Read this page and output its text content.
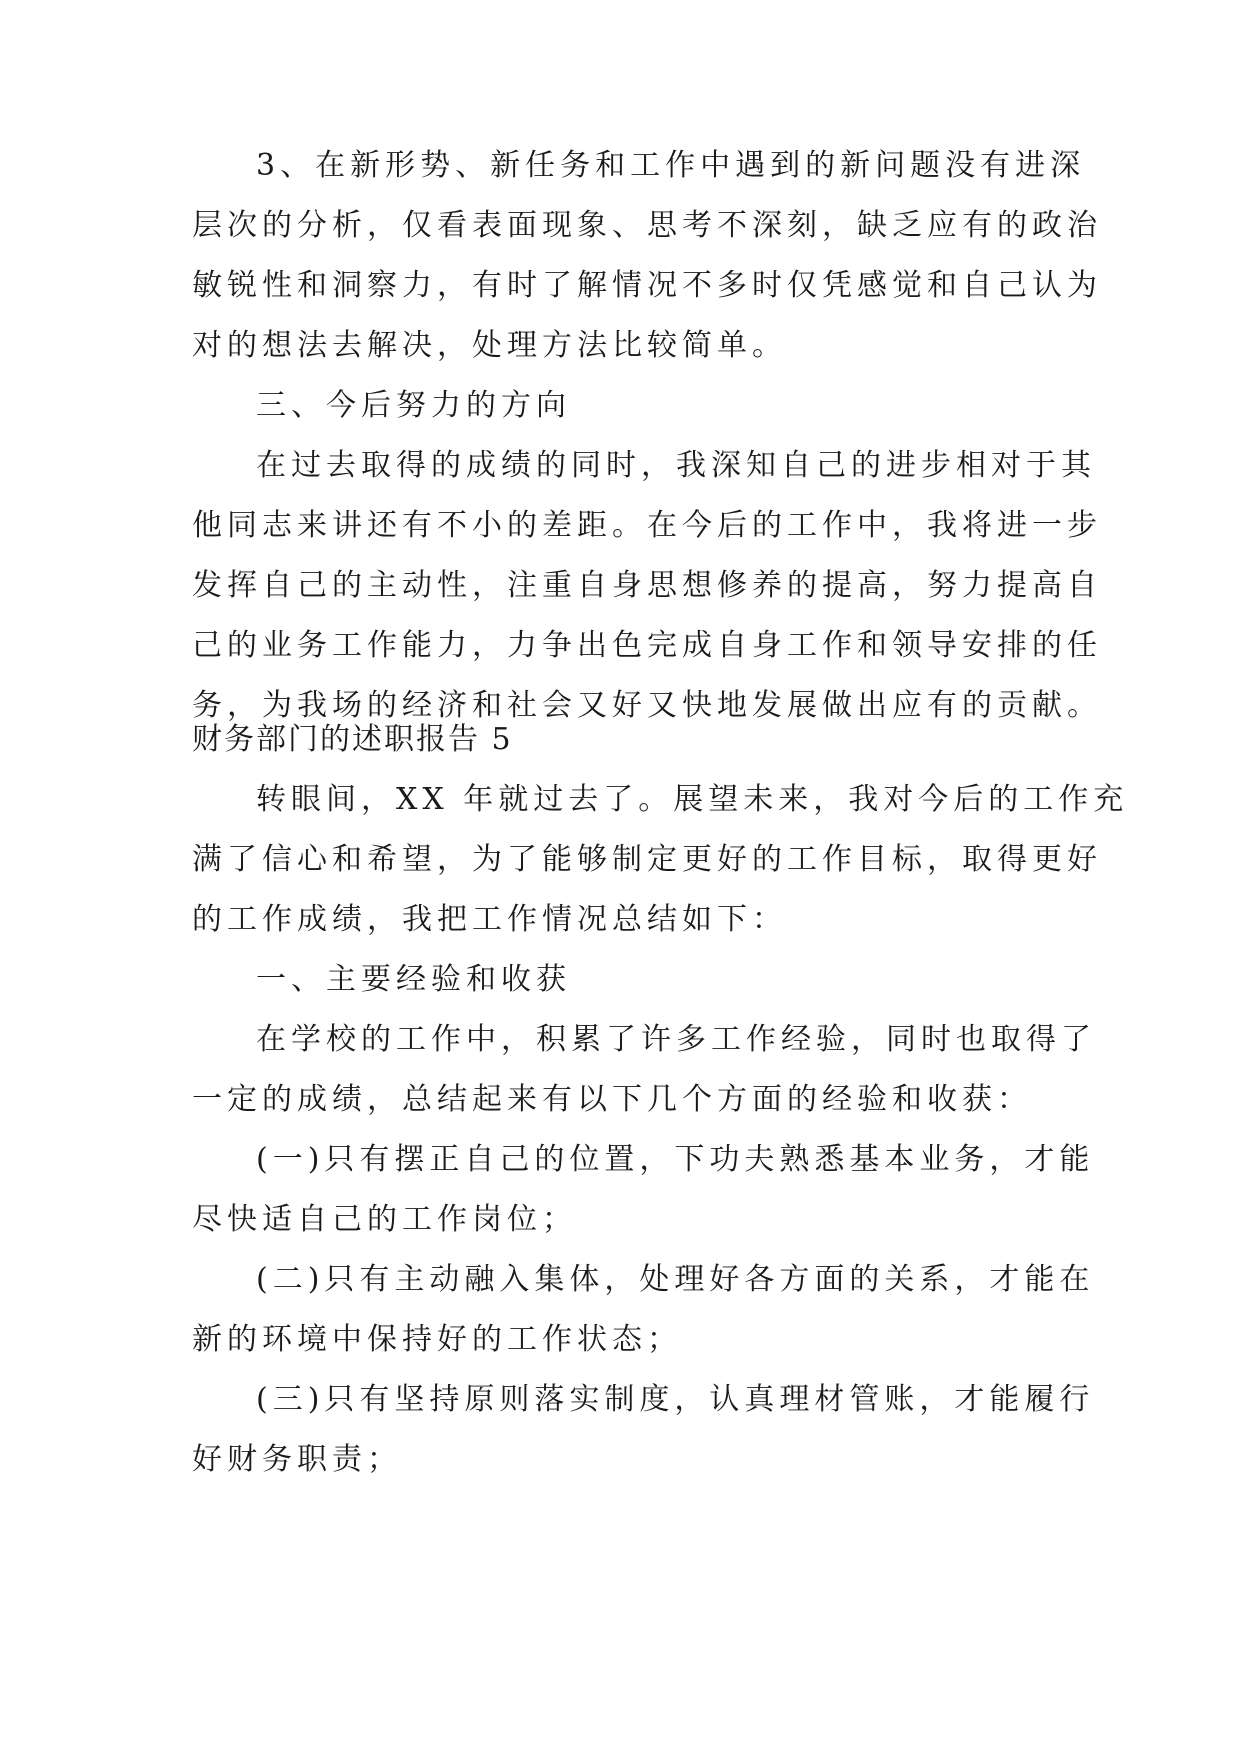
3、在新形势、新任务和工作中遇到的新问题没有进深
层次的分析，仅看表面现象、思考不深刻，缺乏应有的政治
敏锐性和洞察力，有时了解情况不多时仅凭感觉和自己认为
对的想法去解决，处理方法比较简单。
三、今后努力的方向
在过去取得的成绩的同时，我深知自己的进步相对于其
他同志来讲还有不小的差距。在今后的工作中，我将进一步
发挥自己的主动性，注重自身思想修养的提高，努力提高自
己的业务工作能力，力争出色完成自身工作和领导安排的任
务，为我场的经济和社会又好又快地发展做出应有的贡献。
财务部门的述职报告 5
转眼间，XX 年就过去了。展望未来，我对今后的工作充
满了信心和希望，为了能够制定更好的工作目标，取得更好
的工作成绩，我把工作情况总结如下：
一、主要经验和收获
在学校的工作中，积累了许多工作经验，同时也取得了
一定的成绩，总结起来有以下几个方面的经验和收获：
(一)只有摆正自己的位置，下功夫熟悉基本业务，才能
尽快适自己的工作岗位；
(二)只有主动融入集体，处理好各方面的关系，才能在
新的环境中保持好的工作状态；
(三)只有坚持原则落实制度，认真理材管账，才能履行
好财务职责；
